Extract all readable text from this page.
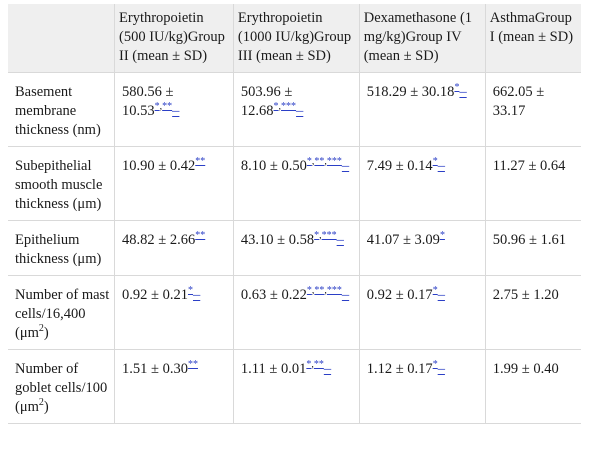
	Erythropoietin (500 IU/kg)Group II (mean ± SD)	Erythropoietin (1000 IU/kg)Group III (mean ± SD)	Dexamethasone (1 mg/kg)Group IV (mean ± SD)	AsthmaGroup I (mean ± SD)
Basement membrane thickness (nm)	580.56 ± 10.53*,**–	503.96 ± 12.68*,***–	518.29 ± 30.18*–	662.05 ± 33.17
Subepithelial smooth muscle thickness (μm)	10.90 ± 0.42**	8.10 ± 0.50*,**,***–	7.49 ± 0.14*–	11.27 ± 0.64
Epithelium thickness (μm)	48.82 ± 2.66**	43.10 ± 0.58*,***–	41.07 ± 3.09*	50.96 ± 1.61
Number of mast cells/16,400 $(\mu m^2)$	0.92 ± 0.21*–	0.63 ± 0.22*,**,***–	0.92 ± 0.17*–	2.75 ± 1.20
Number of goblet cells/100 $(\mu m^2)$	1.51 ± 0.30**	1.11 ± 0.01*,**–	1.12 ± 0.17*–	1.99 ± 0.40
